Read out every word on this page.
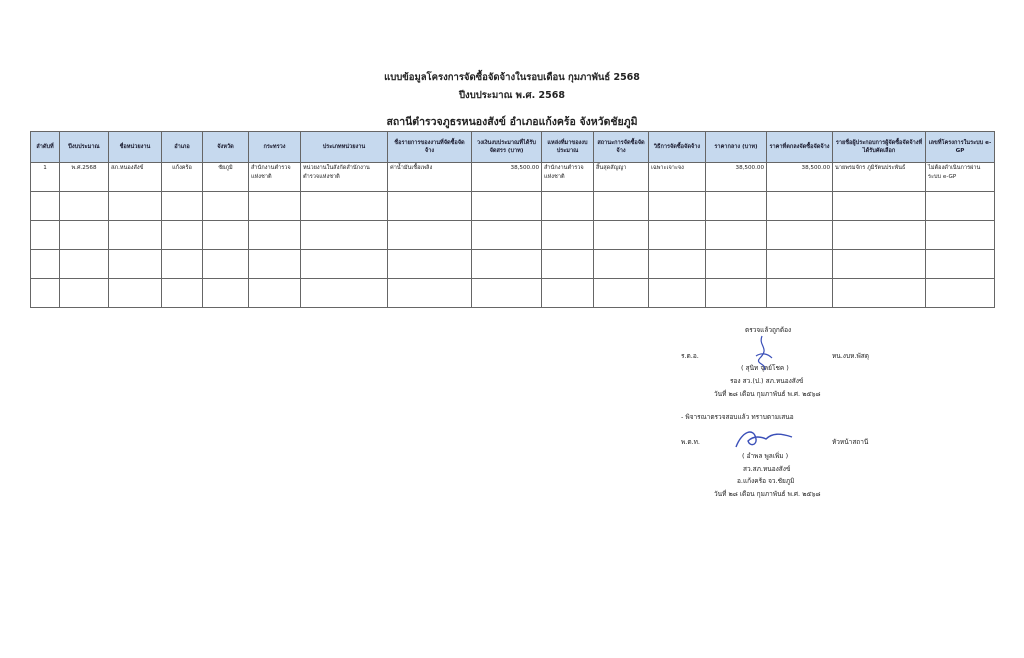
แบบข้อมูลโครงการจัดซื้อจัดจ้างในรอบเดือน กุมภาพันธ์ 2568
ปีงบประมาณ พ.ศ. 2568
สถานีตำรวจภูธรหนองสังข์ อำเภอแก้งคร้อ จังหวัดชัยภูมิ
ลำดับที่	ปีงบประมาณ	ชื่อหน่วยงาน	อำเภอ	จังหวัด	กระทรวง	ประเภทหน่วยงาน	ชื่อรายการของงานที่จัดซื้อจัดจ้าง	วงเงินงบประมาณที่ได้รับจัดสรร (บาท)	แหล่งที่มาของงบประมาณ	สถานะการจัดซื้อจัดจ้าง	วิธีการจัดซื้อจัดจ้าง	ราคากลาง (บาท)	ราคาที่ตกลงจัดซื้อจัดจ้าง	รายชื่อผู้ประกอบการผู้จัดซื้อจัดจ้างที่ได้รับคัดเลือก	เลขที่โครงการในระบบ e-GP
1	พ.ศ.2568	สภ.หนองสังข์	แก้งคร้อ	ชัยภูมิ	สำนักงานตำรวจแห่งชาติ	หน่วยงานในสังกัดสำนักงานตำรวจแห่งชาติ	ค่าน้ำมันเชื้อเพลิง	38,500.00	สำนักงานตำรวจแห่งชาติ	สิ้นสุดสัญญา	เฉพาะเจาะจง	38,500.00	38,500.00	นายพรมจักร ภูมิรัตนประพันธ์	ไม่ต้องดำเนินการผ่านระบบ e-GP

ตรวจแล้วถูกต้อง
ร.ต.อ.	หน.งบห.พัสดุ
( สุนิท จุลย์โชค )
รอง สว.(ป.) สภ.หนองสังข์
วันที่ ๒๘ เดือน กุมภาพันธ์ พ.ศ. ๒๕๖๘
- พิจารณาตรวจสอบแล้ว ทราบตามเสนอ
พ.ต.ท.	หัวหน้าสถานี
( อำพล พูลเพิ่ม )
สว.สภ.หนองสังข์
อ.แก้งคร้อ จว.ชัยภูมิ
วันที่ ๒๘ เดือน กุมภาพันธ์ พ.ศ. ๒๕๖๘
